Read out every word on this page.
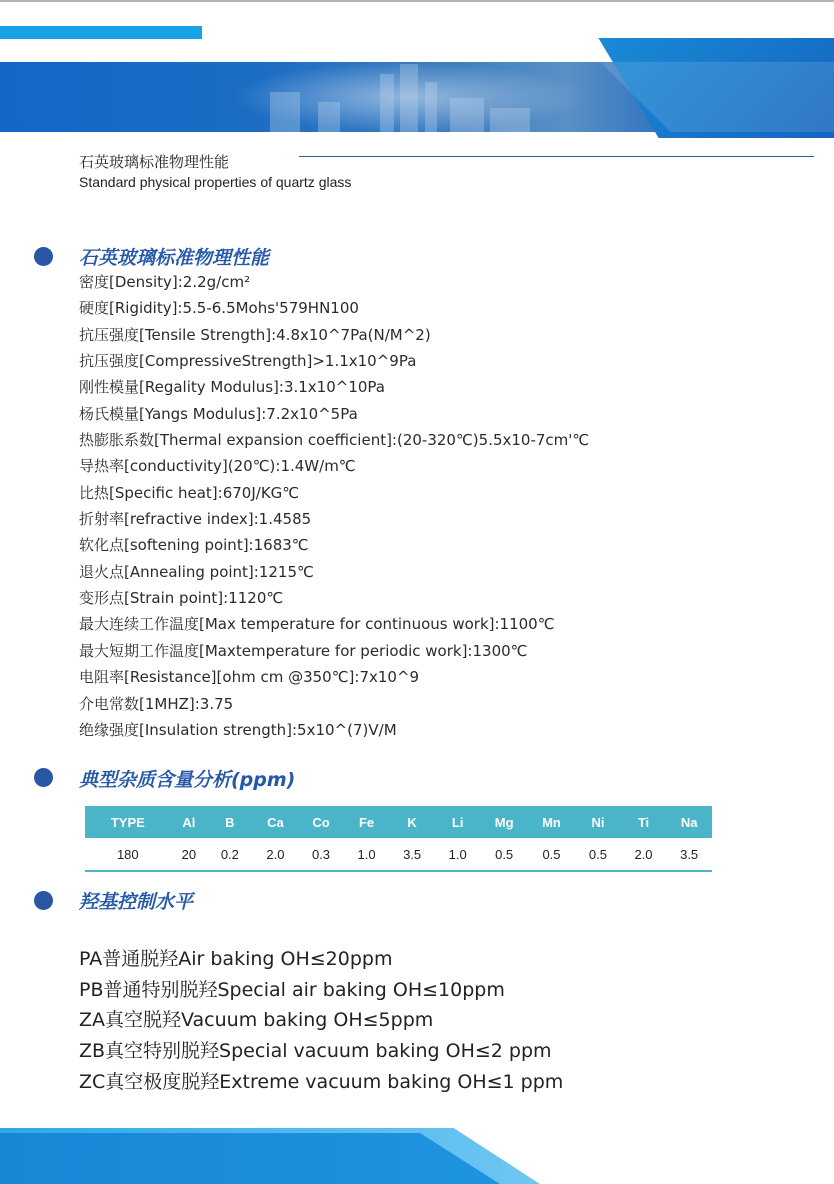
石英玻璃标准物理性能
Standard physical properties of quartz glass
石英玻璃标准物理性能
密度[Density]:2.2g/cm²
硬度[Rigidity]:5.5-6.5Mohs'579HN100
抗压强度[Tensile Strength]:4.8x10^7Pa(N/M^2)
抗压强度[CompressiveStrength]>1.1x10^9Pa
刚性模量[Regality Modulus]:3.1x10^10Pa
杨氏模量[Yangs Modulus]:7.2x10^5Pa
热膨胀系数[Thermal expansion coefficient]:(20-320℃)5.5x10-7cm'℃
导热率[conductivity](20℃):1.4W/m℃
比热[Specific heat]:670J/KG℃
折射率[refractive index]:1.4585
软化点[softening point]:1683℃
退火点[Annealing point]:1215℃
变形点[Strain point]:1120℃
最大连续工作温度[Max temperature for continuous work]:1100℃
最大短期工作温度[Maxtemperature for periodic work]:1300℃
电阻率[Resistance][ohm cm @350℃]:7x10^9
介电常数[1MHZ]:3.75
绝缘强度[Insulation strength]:5x10^(7)V/M
典型杂质含量分析(ppm)
TYPE	Al	B	Ca	Co	Fe	K	Li	Mg	Mn	Ni	Ti	Na
180	20	0.2	2.0	0.3	1.0	3.5	1.0	0.5	0.5	0.5	2.0	3.5
羟基控制水平
PA普通脱羟Air baking OH≤20ppm
PB普通特别脱羟Special air baking OH≤10ppm
ZA真空脱羟Vacuum baking OH≤5ppm
ZB真空特别脱羟Special vacuum baking OH≤2 ppm
ZC真空极度脱羟Extreme vacuum baking OH≤1 ppm
